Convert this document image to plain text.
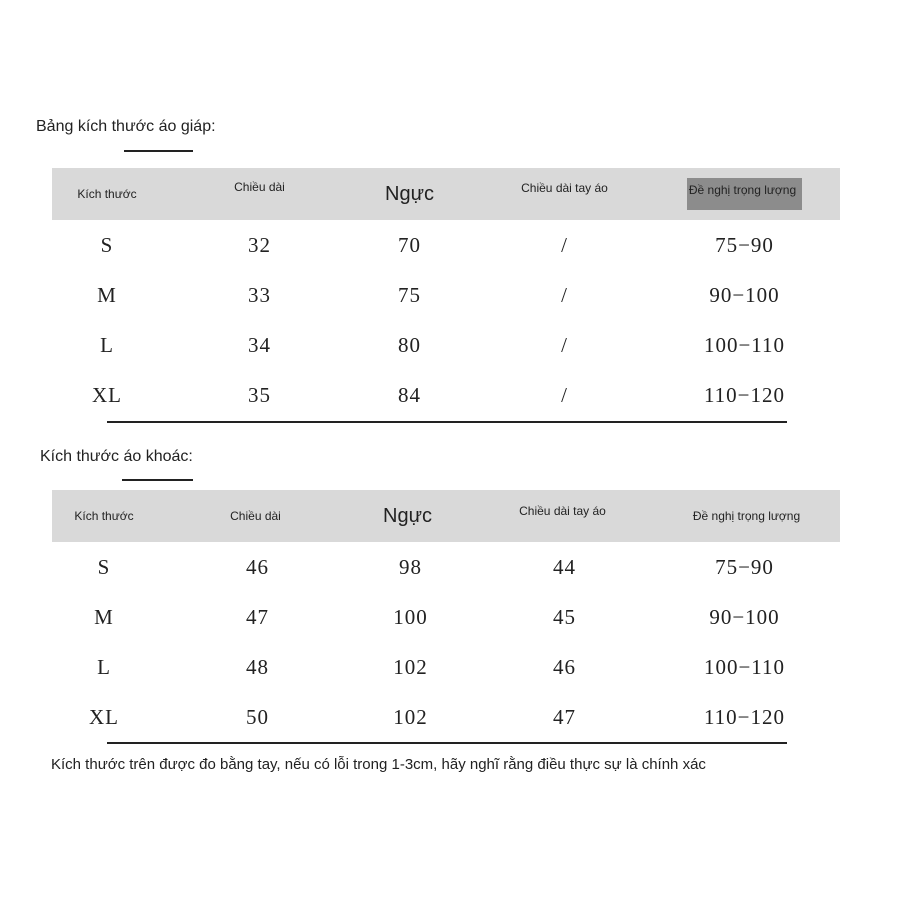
Bảng kích thước áo giáp:
Kích thước	Chiều dài	Ngực	Chiều dài tay áo	Đề nghị trọng lượng
S	32	70	/	75−90
M	33	75	/	90−100
L	34	80	/	100−110
XL	35	84	/	110−120
Kích thước áo khoác:
Kích thước	Chiều dài	Ngực	Chiều dài tay áo	Đề nghị trọng lượng
S	46	98	44	75−90
M	47	100	45	90−100
L	48	102	46	100−110
XL	50	102	47	110−120
Kích thước trên được đo bằng tay, nếu có lỗi trong 1-3cm, hãy nghĩ rằng điều thực sự là chính xác
